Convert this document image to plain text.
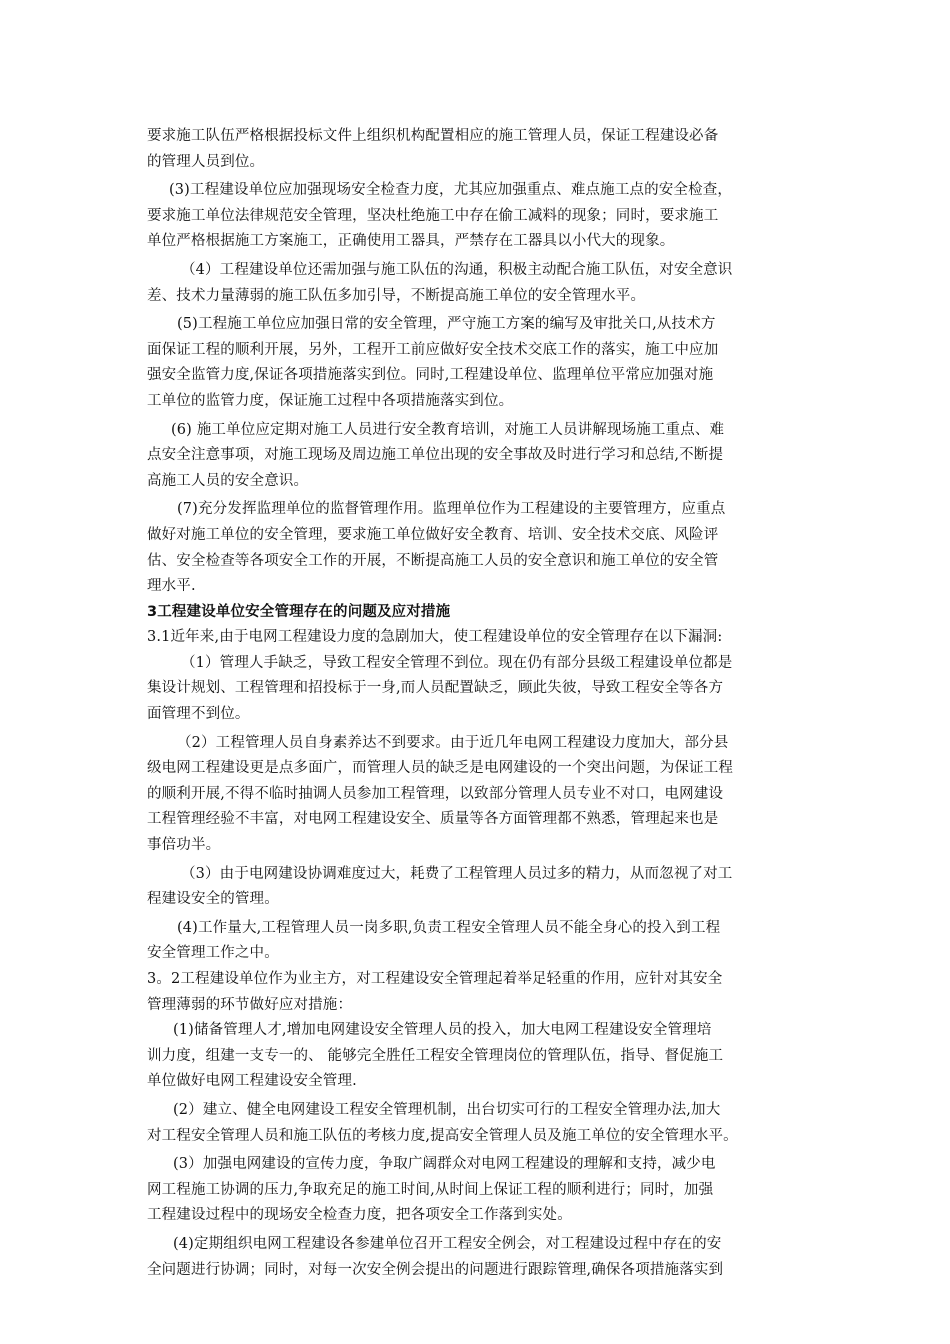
要求施工队伍严格根据投标文件上组织机构配置相应的施工管理人员，保证工程建设必备
的管理人员到位。
(3)工程建设单位应加强现场安全检查力度，尤其应加强重点、难点施工点的安全检查，
要求施工单位法律规范安全管理，坚决杜绝施工中存在偷工减料的现象；同时，要求施工
单位严格根据施工方案施工，正确使用工器具，严禁存在工器具以小代大的现象。
（4）工程建设单位还需加强与施工队伍的沟通，积极主动配合施工队伍，对安全意识
差、技术力量薄弱的施工队伍多加引导，不断提高施工单位的安全管理水平。
(5)工程施工单位应加强日常的安全管理，严守施工方案的编写及审批关口,从技术方
面保证工程的顺利开展，另外，工程开工前应做好安全技术交底工作的落实，施工中应加
强安全监管力度,保证各项措施落实到位。同时,工程建设单位、监理单位平常应加强对施
工单位的监管力度，保证施工过程中各项措施落实到位。
(6) 施工单位应定期对施工人员进行安全教育培训，对施工人员讲解现场施工重点、难
点安全注意事项，对施工现场及周边施工单位出现的安全事故及时进行学习和总结,不断提
高施工人员的安全意识。
(7)充分发挥监理单位的监督管理作用。监理单位作为工程建设的主要管理方，应重点
做好对施工单位的安全管理，要求施工单位做好安全教育、培训、安全技术交底、风险评
估、安全检查等各项安全工作的开展，不断提高施工人员的安全意识和施工单位的安全管
理水平.
3工程建设单位安全管理存在的问题及应对措施
3.1近年来,由于电网工程建设力度的急剧加大，使工程建设单位的安全管理存在以下漏洞:
（1）管理人手缺乏，导致工程安全管理不到位。现在仍有部分县级工程建设单位都是
集设计规划、工程管理和招投标于一身,而人员配置缺乏，顾此失彼，导致工程安全等各方
面管理不到位。
（2）工程管理人员自身素养达不到要求。由于近几年电网工程建设力度加大，部分县
级电网工程建设更是点多面广，而管理人员的缺乏是电网建设的一个突出问题，为保证工程
的顺利开展,不得不临时抽调人员参加工程管理，以致部分管理人员专业不对口，电网建设
工程管理经验不丰富，对电网工程建设安全、质量等各方面管理都不熟悉，管理起来也是
事倍功半。
（3）由于电网建设协调难度过大，耗费了工程管理人员过多的精力，从而忽视了对工
程建设安全的管理。
(4)工作量大,工程管理人员一岗多职,负责工程安全管理人员不能全身心的投入到工程
安全管理工作之中。
3。2工程建设单位作为业主方，对工程建设安全管理起着举足轻重的作用，应针对其安全
管理薄弱的环节做好应对措施：
(1)储备管理人才,增加电网建设安全管理人员的投入，加大电网工程建设安全管理培
训力度，组建一支专一的、 能够完全胜任工程安全管理岗位的管理队伍，指导、督促施工
单位做好电网工程建设安全管理.
(2）建立、健全电网建设工程安全管理机制，出台切实可行的工程安全管理办法,加大
对工程安全管理人员和施工队伍的考核力度,提高安全管理人员及施工单位的安全管理水平。
(3）加强电网建设的宣传力度，争取广阔群众对电网工程建设的理解和支持，减少电
网工程施工协调的压力,争取充足的施工时间,从时间上保证工程的顺利进行；同时，加强
工程建设过程中的现场安全检查力度，把各项安全工作落到实处。
(4)定期组织电网工程建设各参建单位召开工程安全例会，对工程建设过程中存在的安
全问题进行协调；同时，对每一次安全例会提出的问题进行跟踪管理,确保各项措施落实到
